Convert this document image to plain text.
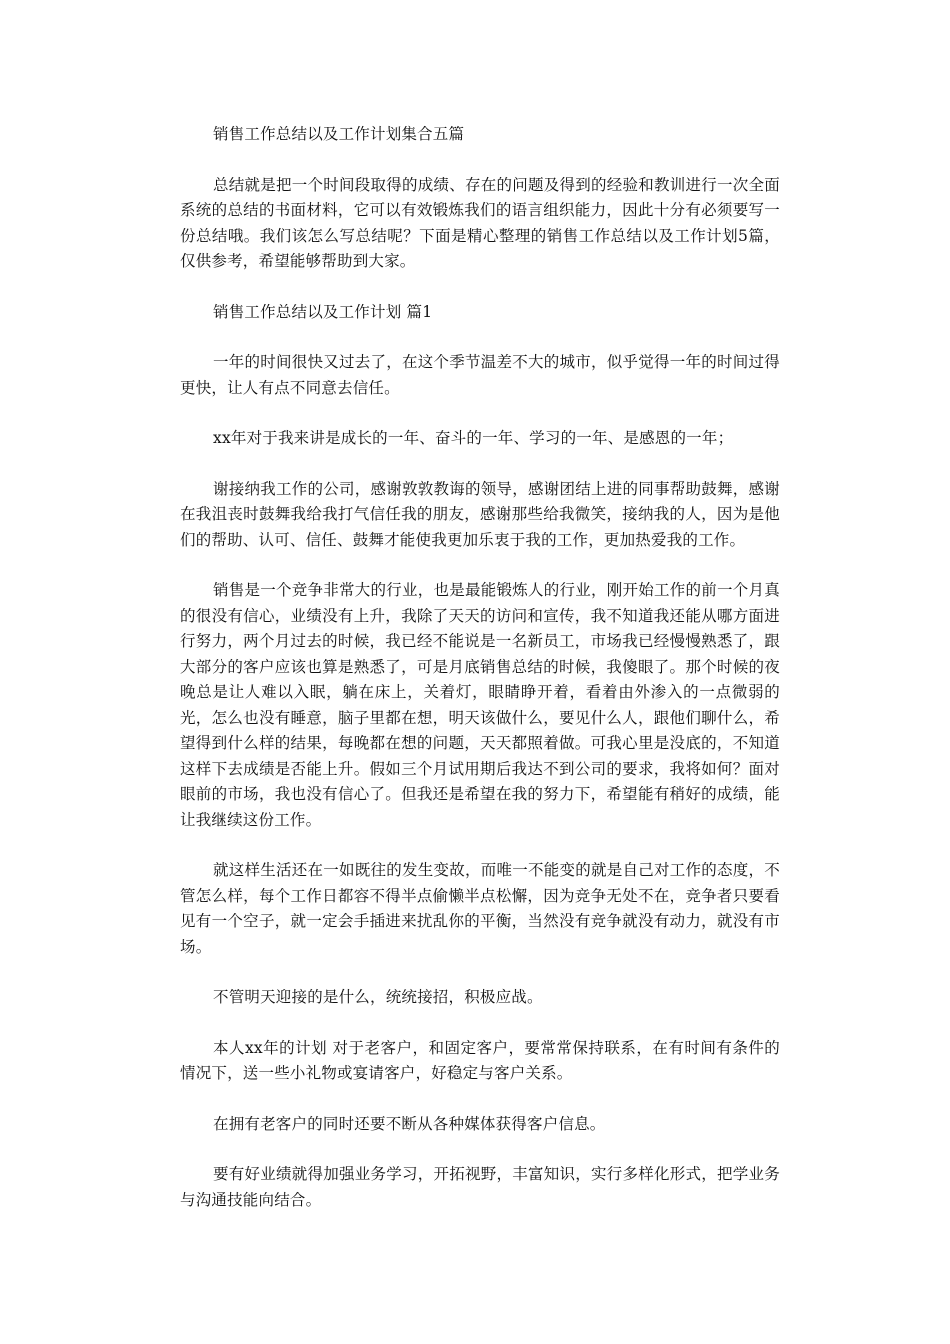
销售工作总结以及工作计划集合五篇

总结就是把一个时间段取得的成绩、存在的问题及得到的经验和教训进行一次全面系统的总结的书面材料，它可以有效锻炼我们的语言组织能力，因此十分有必须要写一份总结哦。我们该怎么写总结呢？下面是精心整理的销售工作总结以及工作计划5篇，仅供参考，希望能够帮助到大家。

销售工作总结以及工作计划 篇1

一年的时间很快又过去了，在这个季节温差不大的城市，似乎觉得一年的时间过得更快，让人有点不同意去信任。

xx年对于我来讲是成长的一年、奋斗的一年、学习的一年、是感恩的一年；

谢接纳我工作的公司，感谢敦敦教诲的领导，感谢团结上进的同事帮助鼓舞，感谢在我沮丧时鼓舞我给我打气信任我的朋友，感谢那些给我微笑，接纳我的人，因为是他们的帮助、认可、信任、鼓舞才能使我更加乐衷于我的工作，更加热爱我的工作。

销售是一个竞争非常大的行业，也是最能锻炼人的行业，刚开始工作的前一个月真的很没有信心，业绩没有上升，我除了天天的访问和宣传，我不知道我还能从哪方面进行努力，两个月过去的时候，我已经不能说是一名新员工，市场我已经慢慢熟悉了，跟大部分的客户应该也算是熟悉了，可是月底销售总结的时候，我傻眼了。那个时候的夜晚总是让人难以入眠，躺在床上，关着灯，眼睛睁开着，看着由外渗入的一点微弱的光，怎么也没有睡意，脑子里都在想，明天该做什么，要见什么人，跟他们聊什么，希望得到什么样的结果，每晚都在想的问题，天天都照着做。可我心里是没底的，不知道这样下去成绩是否能上升。假如三个月试用期后我达不到公司的要求，我将如何？面对眼前的市场，我也没有信心了。但我还是希望在我的努力下，希望能有稍好的成绩，能让我继续这份工作。

就这样生活还在一如既往的发生变故，而唯一不能变的就是自己对工作的态度，不管怎么样，每个工作日都容不得半点偷懒半点松懈，因为竞争无处不在，竞争者只要看见有一个空子，就一定会手插进来扰乱你的平衡，当然没有竞争就没有动力，就没有市场。

不管明天迎接的是什么，统统接招，积极应战。

本人xx年的计划 对于老客户，和固定客户，要常常保持联系，在有时间有条件的情况下，送一些小礼物或宴请客户，好稳定与客户关系。

在拥有老客户的同时还要不断从各种媒体获得客户信息。

要有好业绩就得加强业务学习，开拓视野，丰富知识，实行多样化形式，把学业务与沟通技能向结合。
